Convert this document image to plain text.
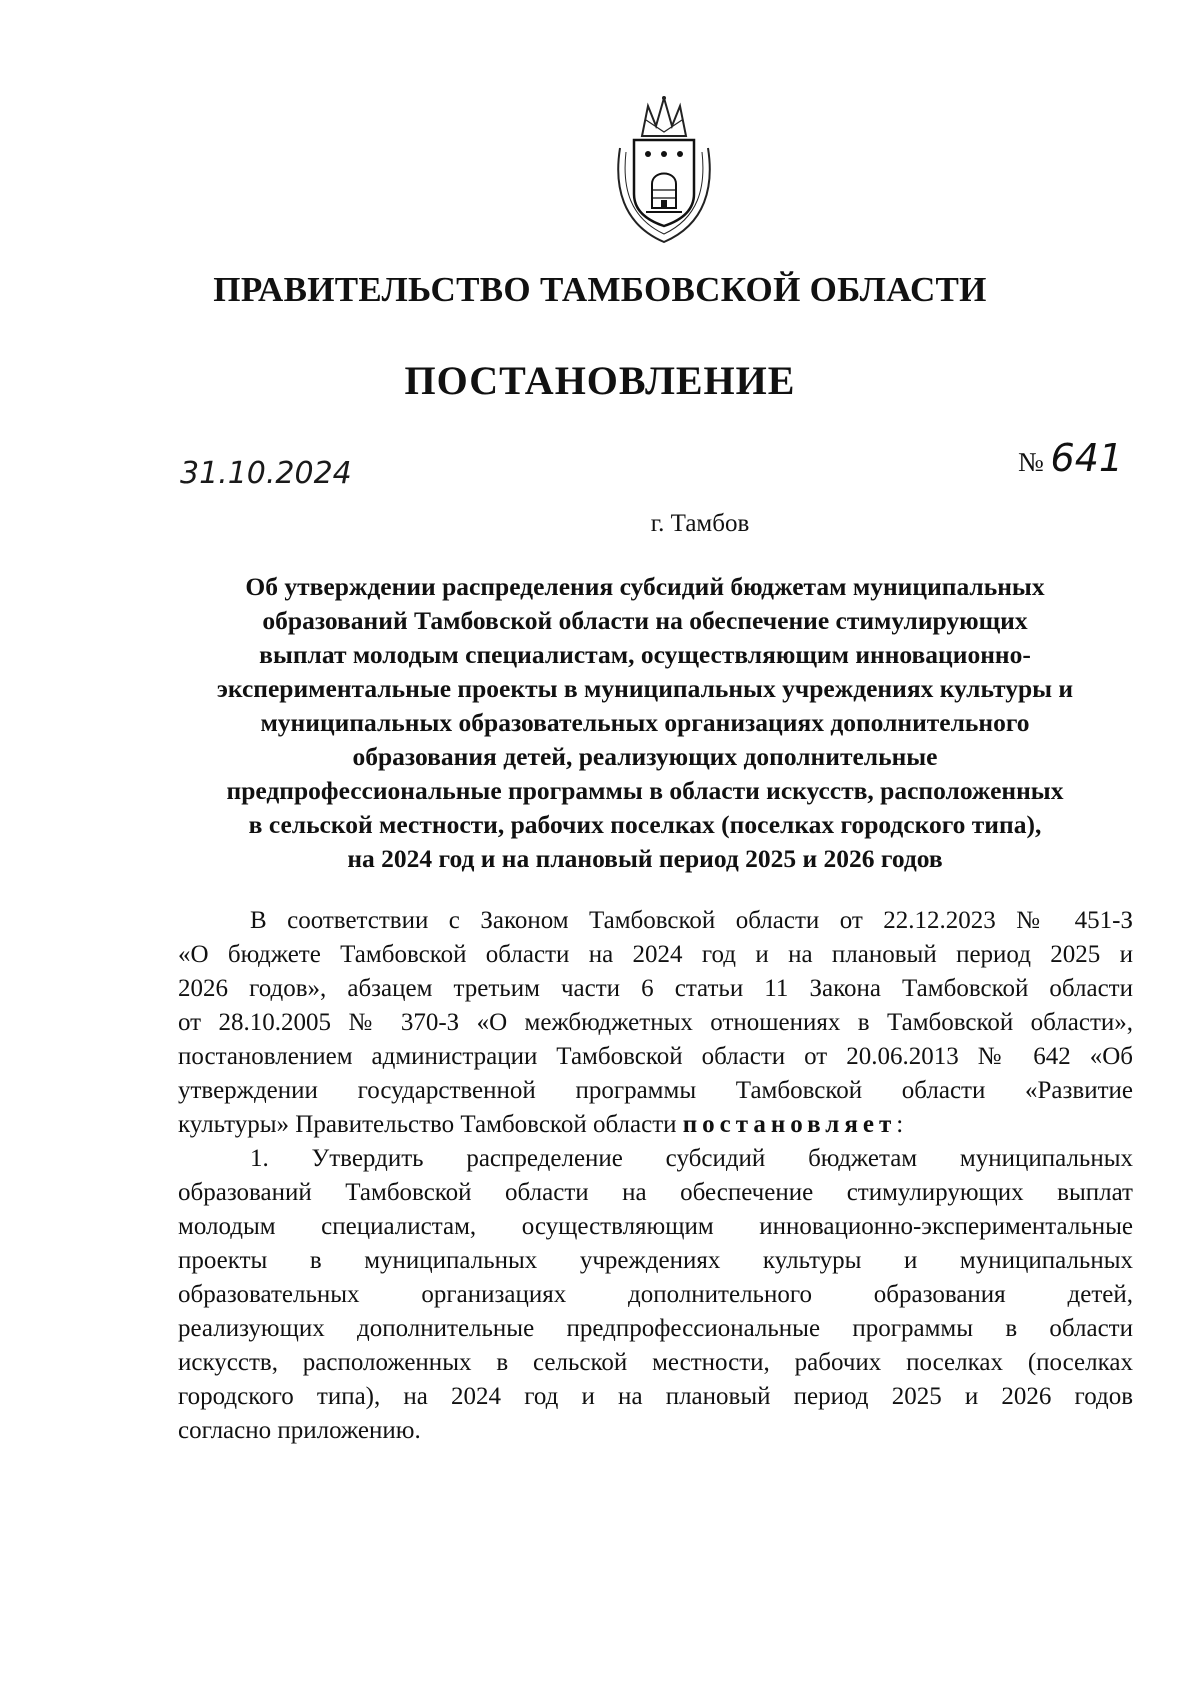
ПРАВИТЕЛЬСТВО ТАМБОВСКОЙ ОБЛАСТИ
ПОСТАНОВЛЕНИЕ
31.10.2024	№ 641
г. Тамбов
Об утверждении распределения субсидий бюджетам муниципальных
образований Тамбовской области на обеспечение стимулирующих
выплат молодым специалистам, осуществляющим инновационно-
экспериментальные проекты в муниципальных учреждениях культуры и
муниципальных образовательных организациях дополнительного
образования детей, реализующих дополнительные
предпрофессиональные программы в области искусств, расположенных
в сельской местности, рабочих поселках (поселках городского типа),
на 2024 год и на плановый период 2025 и 2026 годов
В соответствии с Законом Тамбовской области от 22.12.2023 № 451-З
«О бюджете Тамбовской области на 2024 год и на плановый период 2025 и
2026 годов», абзацем третьим части 6 статьи 11 Закона Тамбовской области
от 28.10.2005 № 370-З «О межбюджетных отношениях в Тамбовской области»,
постановлением администрации Тамбовской области от 20.06.2013 № 642 «Об
утверждении государственной программы Тамбовской области «Развитие
культуры» Правительство Тамбовской области постановляет:
1. Утвердить распределение субсидий бюджетам муниципальных
образований Тамбовской области на обеспечение стимулирующих выплат
молодым специалистам, осуществляющим инновационно-экспериментальные
проекты в муниципальных учреждениях культуры и муниципальных
образовательных организациях дополнительного образования детей,
реализующих дополнительные предпрофессиональные программы в области
искусств, расположенных в сельской местности, рабочих поселках (поселках
городского типа), на 2024 год и на плановый период 2025 и 2026 годов
согласно приложению.
